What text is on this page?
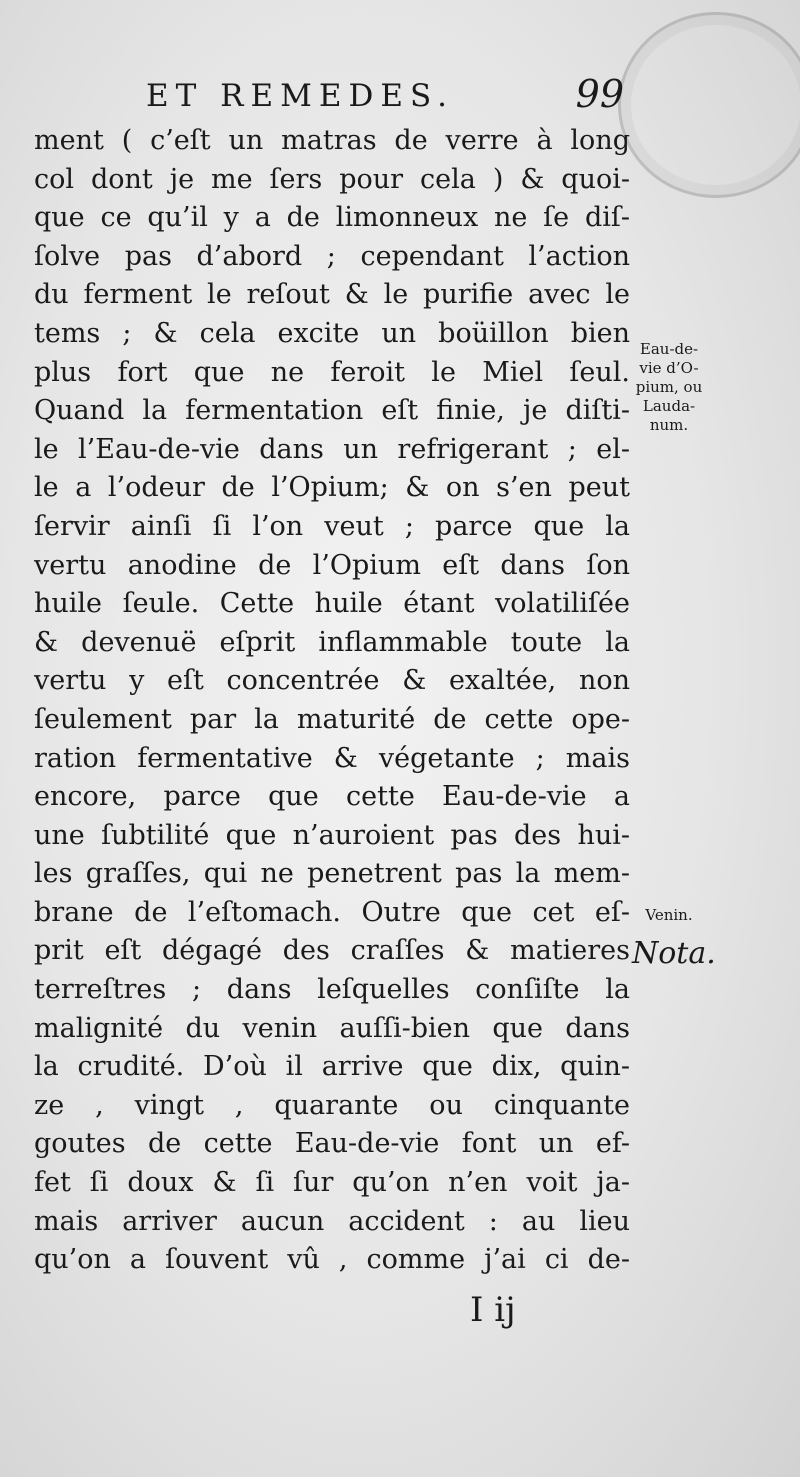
ET REMEDES.	99
ment ( c’eſt un matras de verre à long
col dont je me ſers pour cela ) & quoi-
que ce qu’il y a de limonneux ne ſe diſ-
ſolve pas d’abord ; cependant l’action
du ferment le reſout & le purifie avec le
tems ; & cela excite un boüillon bien
plus fort que ne feroit le Miel ſeul.
Quand la fermentation eſt finie, je diſti-
le l’Eau-de-vie dans un refrigerant ; el-
le a l’odeur de l’Opium; & on s’en peut
ſervir ainſi ſi l’on veut ; parce que la
vertu anodine de l’Opium eſt dans ſon
huile ſeule. Cette huile étant volatiliſée
& devenuë eſprit inflammable toute la
vertu y eſt concentrée & exaltée, non
ſeulement par la maturité de cette ope-
ration fermentative & végetante ; mais
encore, parce que cette Eau-de-vie a
une ſubtilité que n’auroient pas des hui-
les graſſes, qui ne penetrent pas la mem-
brane de l’eſtomach. Outre que cet eſ-
prit eſt dégagé des craſſes & matieres
terreſtres ; dans leſquelles conſiſte la
malignité du venin auſſi-bien que dans
la crudité. D’où il arrive que dix, quin-
ze , vingt , quarante ou cinquante
goutes de cette Eau-de-vie font un ef-
fet ſi doux & ſi ſur qu’on n’en voit ja-
mais arriver aucun accident : au lieu
qu’on a ſouvent vû , comme j’ai ci de-
Eau-de-
vie d’O-
pium, ou
Lauda-
num.
Venin.
Nota.
I ij
